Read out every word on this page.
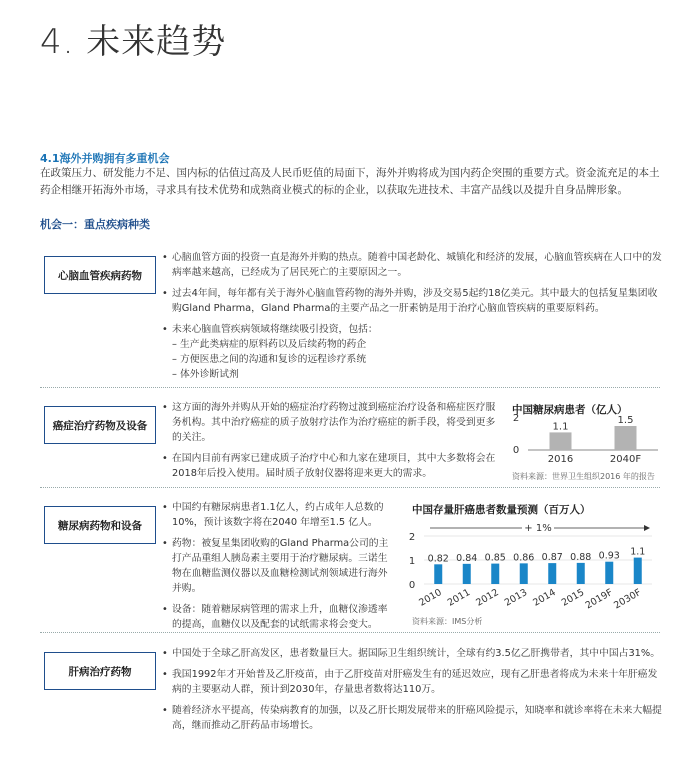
4. 未来趋势
4.1海外并购拥有多重机会
在政策压力、研发能力不足、国内标的估值过高及人民币贬值的局面下，海外并购将成为国内药企突围的重要方式。资金流充足的本土药企相继开拓海外市场，寻求具有技术优势和成熟商业模式的标的企业，以获取先进技术、丰富产品线以及提升自身品牌形象。
机会一：重点疾病种类
心脑血管疾病药物
• 心脑血管方面的投资一直是海外并购的热点。随着中国老龄化、城镇化和经济的发展，心脑血管疾病在人口中的发病率越来越高，已经成为了居民死亡的主要原因之一。
• 过去4年间，每年都有关于海外心脑血管药物的海外并购，涉及交易5起约18亿美元。其中最大的包括复星集团收购Gland Pharma，Gland Pharma的主要产品之一肝素钠是用于治疗心脑血管疾病的重要原料药。
• 未来心脑血管疾病领域将继续吸引投资，包括：
– 生产此类病症的原料药以及后续药物的药企
– 方便医患之间的沟通和复诊的远程诊疗系统
– 体外诊断试剂
癌症治疗药物及设备
• 这方面的海外并购从开始的癌症治疗药物过渡到癌症治疗设备和癌症医疗服务机构。其中治疗癌症的质子放射疗法作为治疗癌症的新手段，将受到更多的关注。
• 在国内目前有两家已建成质子治疗中心和九家在建项目，其中大多数将会在2018年后投入使用。届时质子放射仪器将迎来更大的需求。
中国糖尿病患者（亿人）
0
2
1.1
2016
1.5
2040F
资料来源：世界卫生组织2016 年的报告
糖尿病药物和设备
• 中国约有糖尿病患者1.1亿人，约占成年人总数的10%，预计该数字将在2040 年增至1.5 亿人。
• 药物：被复星集团收购的Gland Pharma公司的主打产品重组人胰岛素主要用于治疗糖尿病。三诺生物在血糖监测仪器以及血糖检测试剂领域进行海外并购。
• 设备：随着糖尿病管理的需求上升，血糖仪渗透率的提高，血糖仪以及配套的试纸需求将会变大。
中国存量肝癌患者数量预测（百万人）
0
1
2
+ 1%
0.82
2010
0.84
2011
0.85
2012
0.86
2013
0.87
2014
0.88
2015
0.93
2019F
1.1
2030F
资料来源：IMS分析
肝病治疗药物
• 中国处于全球乙肝高发区，患者数量巨大。据国际卫生组织统计，全球有约3.5亿乙肝携带者，其中中国占31%。
• 我国1992年才开始普及乙肝疫苗，由于乙肝疫苗对肝癌发生有的延迟效应，现有乙肝患者将成为未来十年肝癌发病的主要驱动人群，预计到2030年，存量患者数将达110万。
• 随着经济水平提高，传染病教育的加强，以及乙肝长期发展带来的肝癌风险提示，知晓率和就诊率将在未来大幅提高，继而推动乙肝药品市场增长。
